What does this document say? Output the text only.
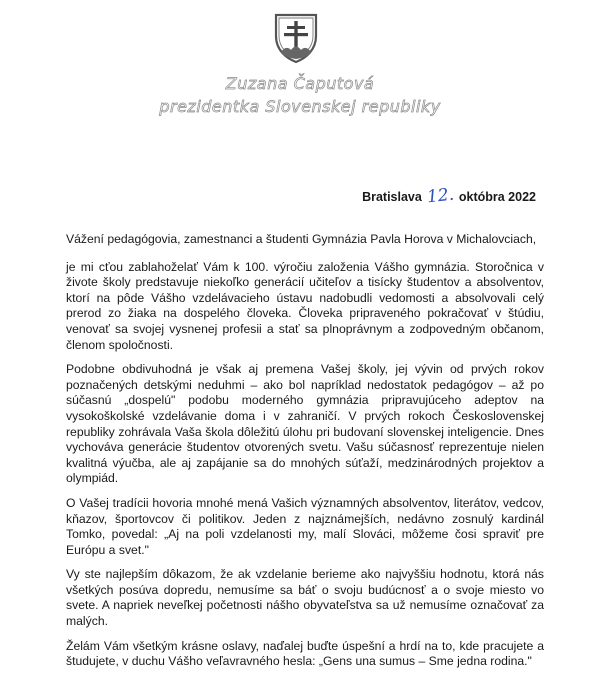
Zuzana Čaputová
prezidentka Slovenskej republiky
Bratislava 12. októbra 2022

Vážení pedagógovia, zamestnanci a študenti Gymnázia Pavla Horova v Michalovciach,

je mi cťou zablahoželať Vám k 100. výročiu založenia Vášho gymnázia. Storočnica v živote školy predstavuje niekoľko generácií učiteľov a tisícky študentov a absolventov, ktorí na pôde Vášho vzdelávacieho ústavu nadobudli vedomosti a absolvovali celý prerod zo žiaka na dospelého človeka. Človeka pripraveného pokračovať v štúdiu, venovať sa svojej vysnenej profesii a stať sa plnoprávnym a zodpovedným občanom, členom spoločnosti.

Podobne obdivuhodná je však aj premena Vašej školy, jej vývin od prvých rokov poznačených detskými neduhmi – ako bol napríklad nedostatok pedagógov – až po súčasnú „dospelú" podobu moderného gymnázia pripravujúceho adeptov na vysokoškolské vzdelávanie doma i v zahraničí. V prvých rokoch Československej republiky zohrávala Vaša škola dôležitú úlohu pri budovaní slovenskej inteligencie. Dnes vychováva generácie študentov otvorených svetu. Vašu súčasnosť reprezentuje nielen kvalitná výučba, ale aj zapájanie sa do mnohých súťaží, medzinárodných projektov a olympiád.

O Vašej tradícii hovoria mnohé mená Vašich významných absolventov, literátov, vedcov, kňazov, športovcov či politikov. Jeden z najznámejších, nedávno zosnulý kardinál Tomko, povedal: „Aj na poli vzdelanosti my, malí Slováci, môžeme čosi spraviť pre Európu a svet."

Vy ste najlepším dôkazom, že ak vzdelanie berieme ako najvyššiu hodnotu, ktorá nás všetkých posúva dopredu, nemusíme sa báť o svoju budúcnosť a o svoje miesto vo svete. A napriek neveľkej početnosti nášho obyvateľstva sa už nemusíme označovať za malých.

Želám Vám všetkým krásne oslavy, naďalej buďte úspešní a hrdí na to, kde pracujete a študujete, v duchu Vášho veľavravného hesla: „Gens una sumus – Sme jedna rodina."
